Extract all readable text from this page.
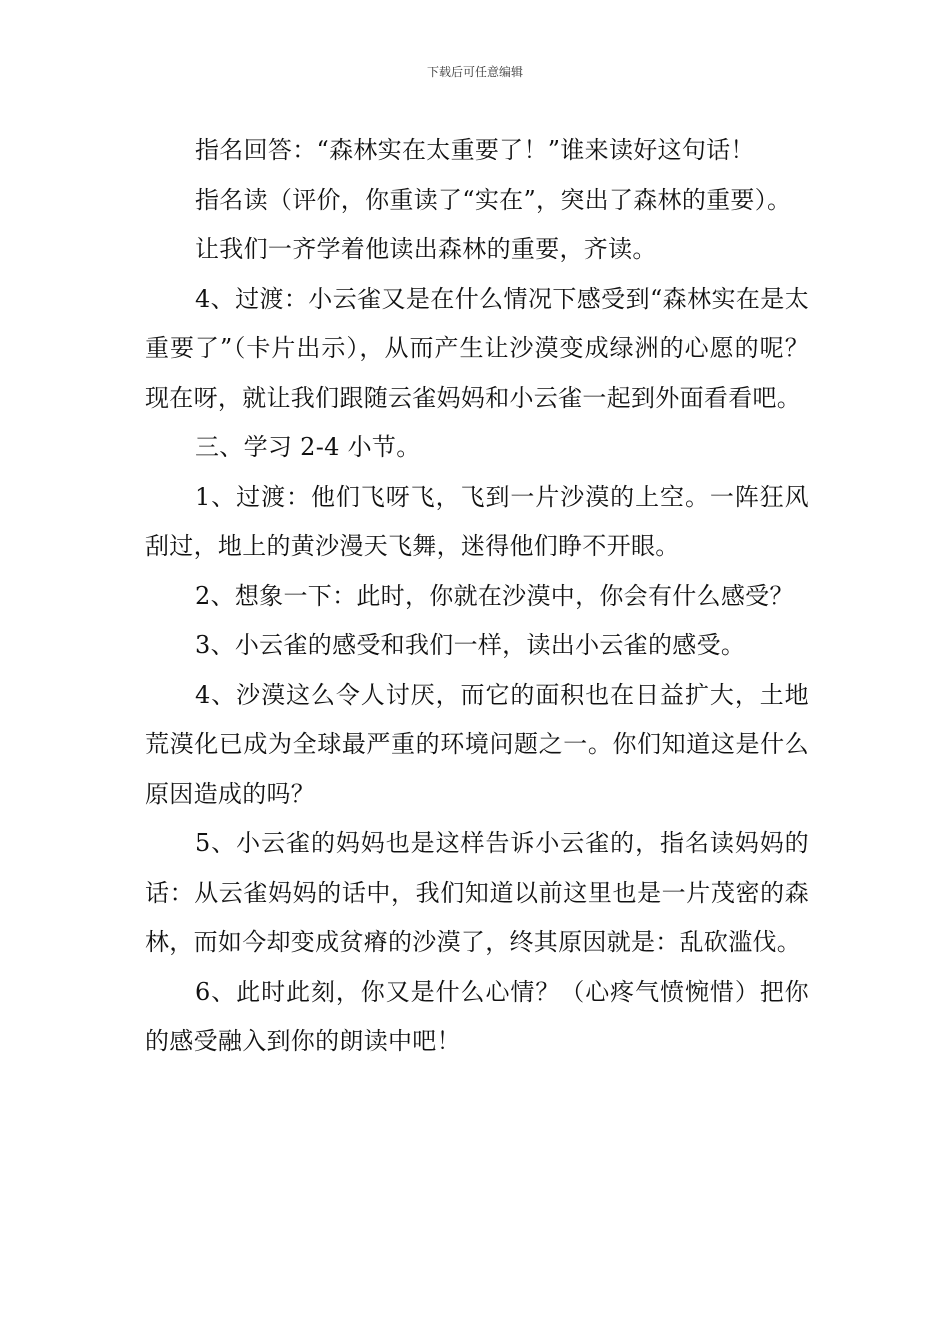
下载后可任意编辑

指名回答：“森林实在太重要了！”谁来读好这句话！

指名读（评价，你重读了“实在”，突出了森林的重要）。

让我们一齐学着他读出森林的重要，齐读。

4、过渡：小云雀又是在什么情况下感受到“森林实在是太重要了”（卡片出示），从而产生让沙漠变成绿洲的心愿的呢？现在呀，就让我们跟随云雀妈妈和小云雀一起到外面看看吧。

三、学习 2-4 小节。

1、过渡：他们飞呀飞，飞到一片沙漠的上空。一阵狂风刮过，地上的黄沙漫天飞舞，迷得他们睁不开眼。

2、想象一下：此时，你就在沙漠中，你会有什么感受？

3、小云雀的感受和我们一样，读出小云雀的感受。

4、沙漠这么令人讨厌，而它的面积也在日益扩大，土地荒漠化已成为全球最严重的环境问题之一。你们知道这是什么原因造成的吗？

5、小云雀的妈妈也是这样告诉小云雀的，指名读妈妈的话：从云雀妈妈的话中，我们知道以前这里也是一片茂密的森林，而如今却变成贫瘠的沙漠了，终其原因就是：乱砍滥伐。

6、此时此刻，你又是什么心情？（心疼气愤惋惜）把你的感受融入到你的朗读中吧！
